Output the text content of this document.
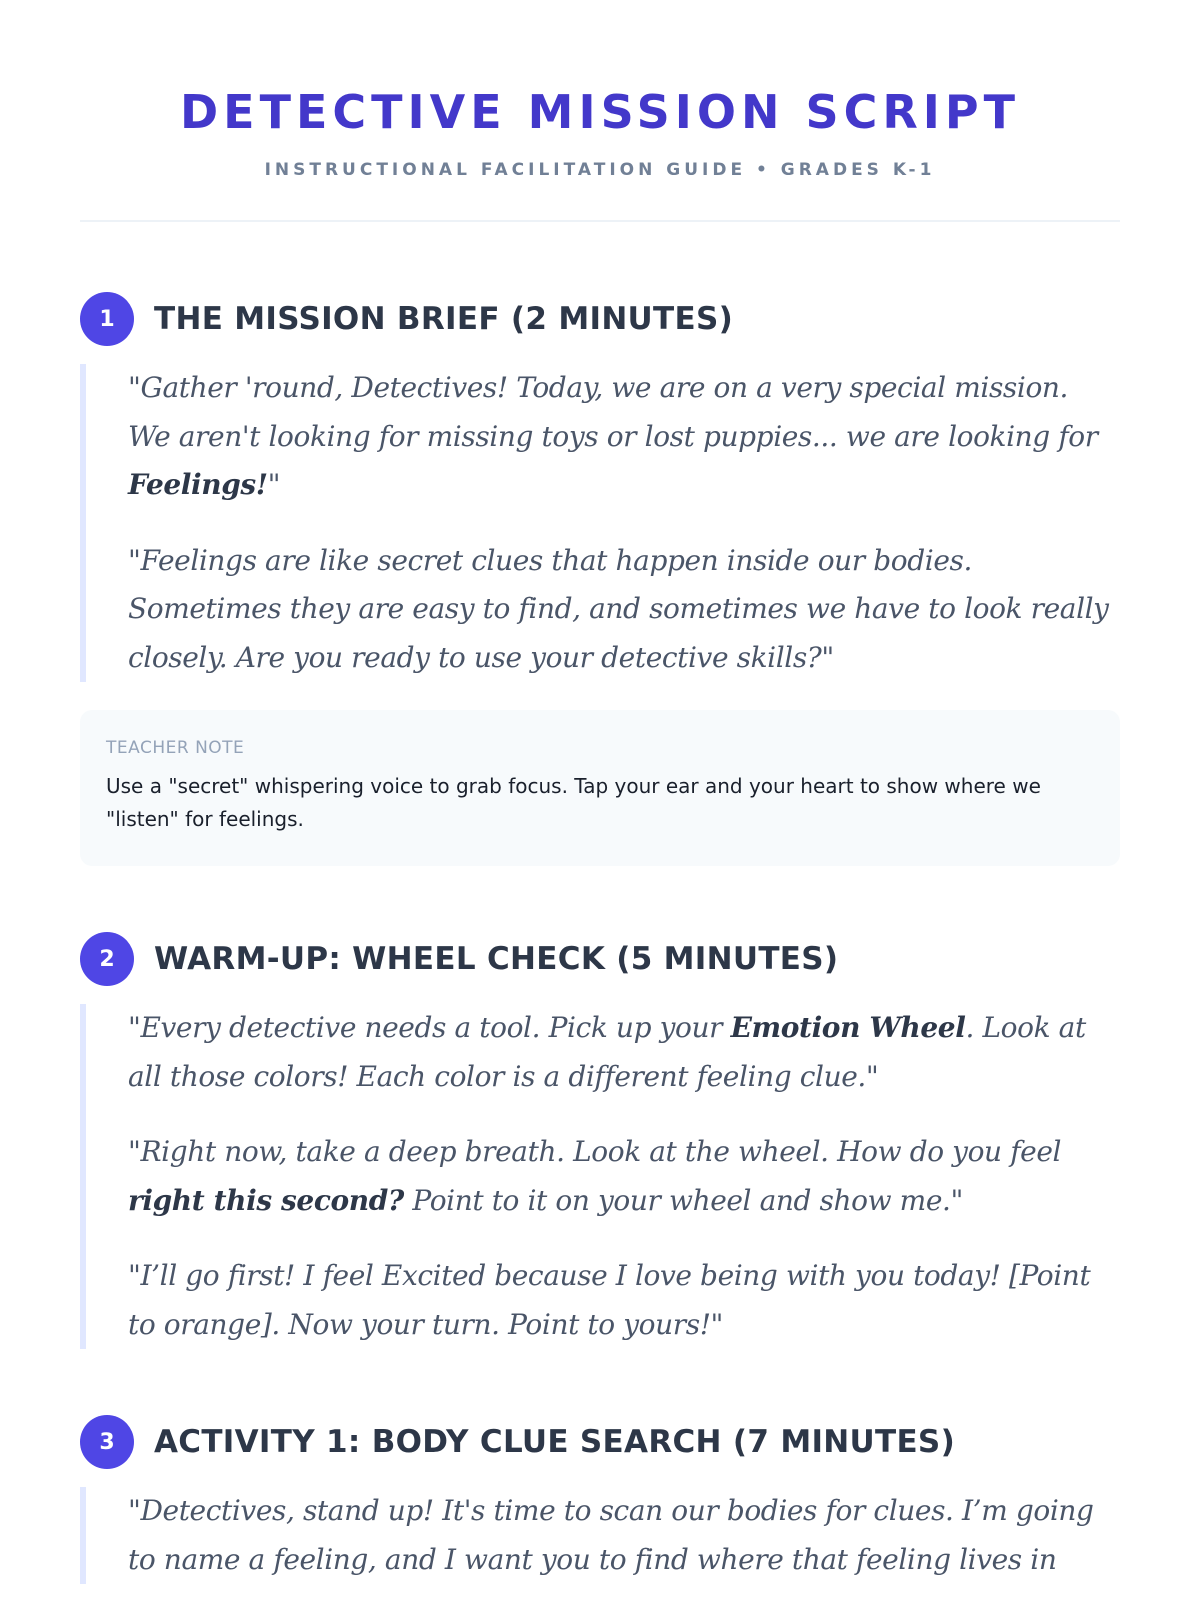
DETECTIVE MISSION SCRIPT
INSTRUCTIONAL FACILITATION GUIDE • GRADES K-1
1	THE MISSION BRIEF (2 MINUTES)

"Gather 'round, Detectives! Today, we are on a very special mission. We aren't looking for missing toys or lost puppies... we are looking for Feelings!"

"Feelings are like secret clues that happen inside our bodies. Sometimes they are easy to find, and sometimes we have to look really closely. Are you ready to use your detective skills?"

TEACHER NOTE
Use a "secret" whispering voice to grab focus. Tap your ear and your heart to show where we "listen" for feelings.
2	WARM-UP: WHEEL CHECK (5 MINUTES)

"Every detective needs a tool. Pick up your Emotion Wheel. Look at all those colors! Each color is a different feeling clue."

"Right now, take a deep breath. Look at the wheel. How do you feel right this second? Point to it on your wheel and show me."

"I’ll go first! I feel Excited because I love being with you today! [Point to orange]. Now your turn. Point to yours!"

3	ACTIVITY 1: BODY CLUE SEARCH (7 MINUTES)

"Detectives, stand up! It's time to scan our bodies for clues. I’m going to name a feeling, and I want you to find where that feeling lives in
